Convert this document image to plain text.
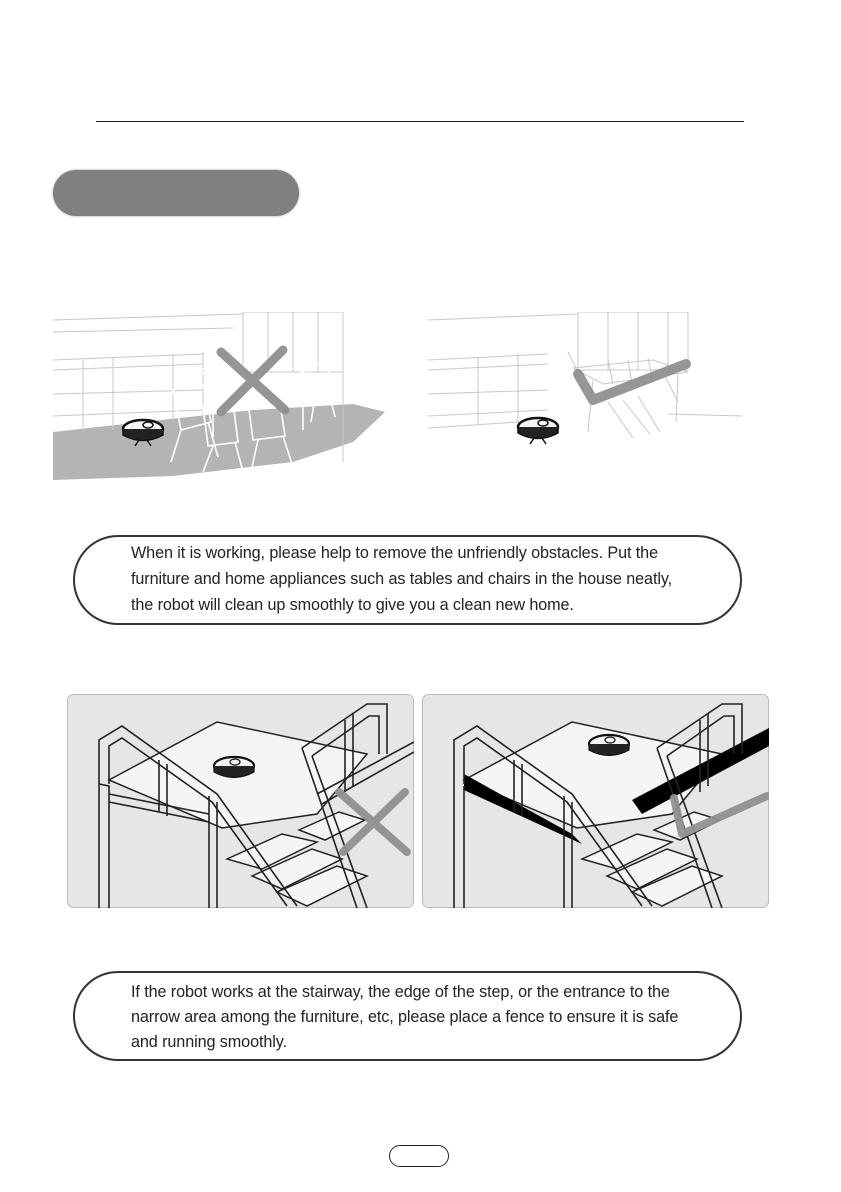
When it is working, please help to remove the unfriendly obstacles. Put the
furniture and home appliances such as tables and chairs in the house neatly,
the robot will clean up smoothly to give you a clean new home.
If the robot works at the stairway, the edge of the step, or the entrance to the
narrow area among the furniture, etc, please place a fence to ensure it is safe
and running smoothly.
